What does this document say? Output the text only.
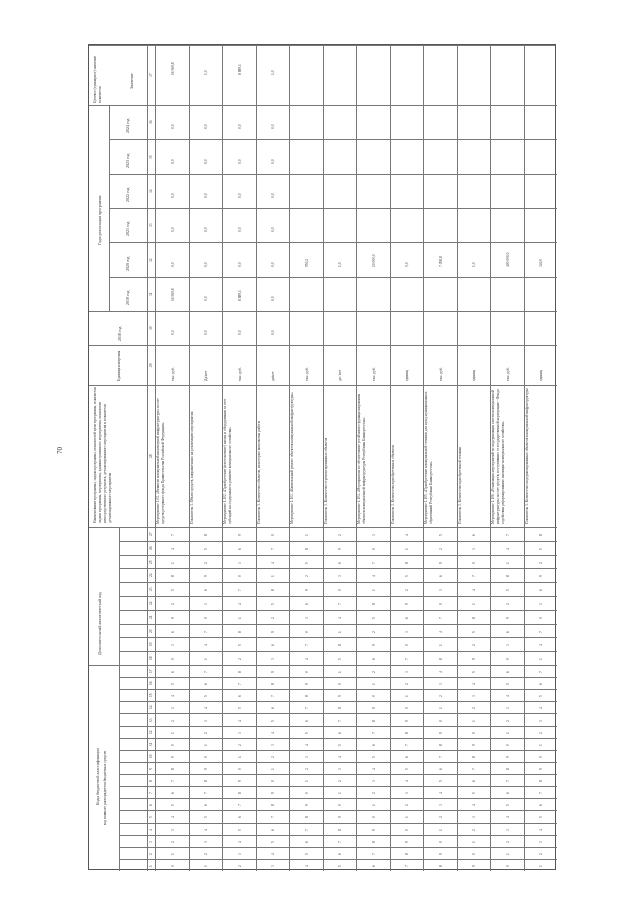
70
Коды бюджетной классификации код главного распорядителя бюджетных средств
Дополнительный аналитический код
Наименование программы, задачи программы, показателей цели программы, показатели задачи программы, мероприятия, административного мероприятия, показатели непосредственного результата, детализированного мероприятия и показатели детализированного мероприятия
Единица измерения
2018 год
Годы реализации программы
2019 год
2020 год
2021 год
2022 год
2023 год
2024 год
Целевое (суммарное) значение показателя
Значение
1
2
3
4
5
6
7
8
9
10
11
12
13
14
15
16
17
18
19
20
21
22
23
24
25
26
27
28
29
30
31
32
33
34
35
36
37
Мероприятие 1.01. «Развитие коммунальной инженерной инфраструктуры за счет средств резервного фонда Правительства Российской Федерации»
тыс. руб.
0,0
16 569,8
0,0
0,0
0,0
0,0
0,0
16 569,8
0
1
2
3
4
5
6
7
8
9
0
1
2
3
4
5
6
0
3
6
9
2
5
8
1
4
7
Показатель 1. Объем средств, направленных на реализацию мероприятия
Да/нет
0,0
0,0
0,0
0,0
0,0
0,0
0,0
1,0
1
2
3
4
5
6
7
8
9
0
1
2
3
4
5
6
7
1
4
7
0
3
6
9
2
5
8
Мероприятие 1.102. «Приобретение (изготовление) жилья и оборудования за счет субсидий на содержание и развитие коммунального хозяйства»
тыс. руб.
0,0
8 889,1
0,0
0,0
0,0
0,0
0,0
8 889,1
2
3
4
5
6
7
8
9
0
1
2
3
4
5
6
7
8
2
5
8
1
4
7
0
3
6
9
Показатель 1. Количество объектов, на которых выполнены работы
да/нет
0,0
0,0
0,0
0,0
0,0
0,0
0,0
1,0
3
4
5
6
7
8
9
0
1
2
3
4
5
6
7
8
9
3
6
9
2
5
8
1
4
7
0
Мероприятие 1.103. «Капитальный ремонт объектов коммунальной инфраструктуры»
тыс. руб.
950,2
4
5
6
7
8
9
0
1
2
3
4
5
6
7
8
9
0
4
7
0
3
6
9
2
5
8
1
Показатель 1. Количество отремонтированных объектов
да / нет
1,0
5
6
7
8
9
0
1
2
3
4
5
6
7
8
9
0
1
5
8
1
4
7
0
3
6
9
2
Мероприятие 1.104. «Мероприятия по обеспечению устойчивого функционирования объектов коммунальной инфраструктуры Республики Башкортостан»
тыс. руб.
10 000,0
6
7
8
9
0
1
2
3
4
5
6
7
8
9
0
1
2
6
9
2
5
8
1
4
7
0
3
Показатель 1. Количество приобретенных объектов
единиц
5,0
7
8
9
0
1
2
3
4
5
6
7
8
9
0
1
2
3
7
0
3
6
9
2
5
8
1
4
Мероприятие 1.105. «Приобретение коммунальной техники для нужд муниципальных образований Республики Башкортостан»
тыс. руб.
7 058,8
8
9
0
1
2
3
4
5
6
7
8
9
0
1
2
3
4
8
1
4
7
0
3
6
9
2
5
Показатель 1. Количество приобретенной техники
единиц
1,0
9
0
1
2
3
4
5
6
7
8
9
0
1
2
3
4
5
9
2
5
8
1
4
7
0
3
6
Мероприятие 1.106. «Реализация мероприятий по модернизации систем коммунальной инфраструктуры за счет средств, поступивших от государственной корпорации - Фонда содействия реформированию жилищно-коммунального хозяйства»
тыс. руб.
400 000,0
0
1
2
3
4
5
6
7
8
9
0
1
2
3
4
5
6
0
3
6
9
2
5
8
1
4
7
Показатель 1. Количество модернизированных объектов коммунальной инфраструктуры
единиц
340,0
1
2
3
4
5
6
7
8
9
0
1
2
3
4
5
6
7
1
4
7
0
3
6
9
2
5
8
